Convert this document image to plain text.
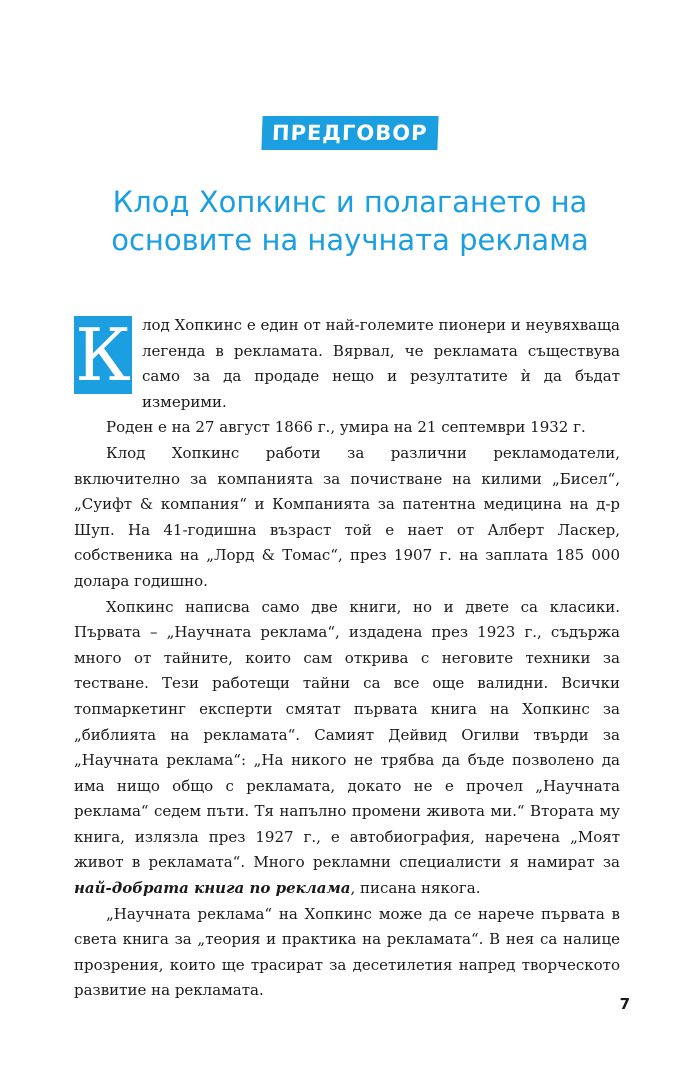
ПРЕДГОВОР
Клод Хопкинс и полагането на
основите на научната реклама

К лод Хопкинс е един от най-големите пионери и неувяхваща легенда в рекламата. Вярвал, че рекламата съществува само за да продаде нещо и резултатите ѝ да бъдат измерими.

Роден е на 27 август 1866 г., умира на 21 септември 1932 г.

Клод Хопкинс работи за различни рекламодатели, включително за компанията за почистване на килими „Бисел“, „Суифт & компания“ и Компанията за патентна медицина на д-р Шуп. На 41-годишна възраст той е нает от Алберт Ласкер, собственика на „Лорд & Томас“, през 1907 г. на заплата 185 000 долара годишно.

Хопкинс написва само две книги, но и двете са класики. Първата – „Научната реклама“, издадена през 1923 г., съдържа много от тайните, които сам открива с неговите техники за тестване. Тези работещи тайни са все още валидни. Всички топмаркетинг експерти смятат първата книга на Хопкинс за „библията на рекламата“. Самият Дейвид Огилви твърди за „Научната реклама“: „На никого не трябва да бъде позволено да има нищо общо с рекламата, докато не е прочел „Научната реклама“ седем пъти. Тя напълно промени живота ми.“ Втората му книга, излязла през 1927 г., е автобиография, наречена „Моят живот в рекламата“. Много рекламни специалисти я намират за най-добрата книга по реклама, писана някога.

„Научната реклама“ на Хопкинс може да се нарече първата в света книга за „теория и практика на рекламата“. В нея са налице прозрения, които ще трасират за десетилетия напред творческото развитие на рекламата.

7
